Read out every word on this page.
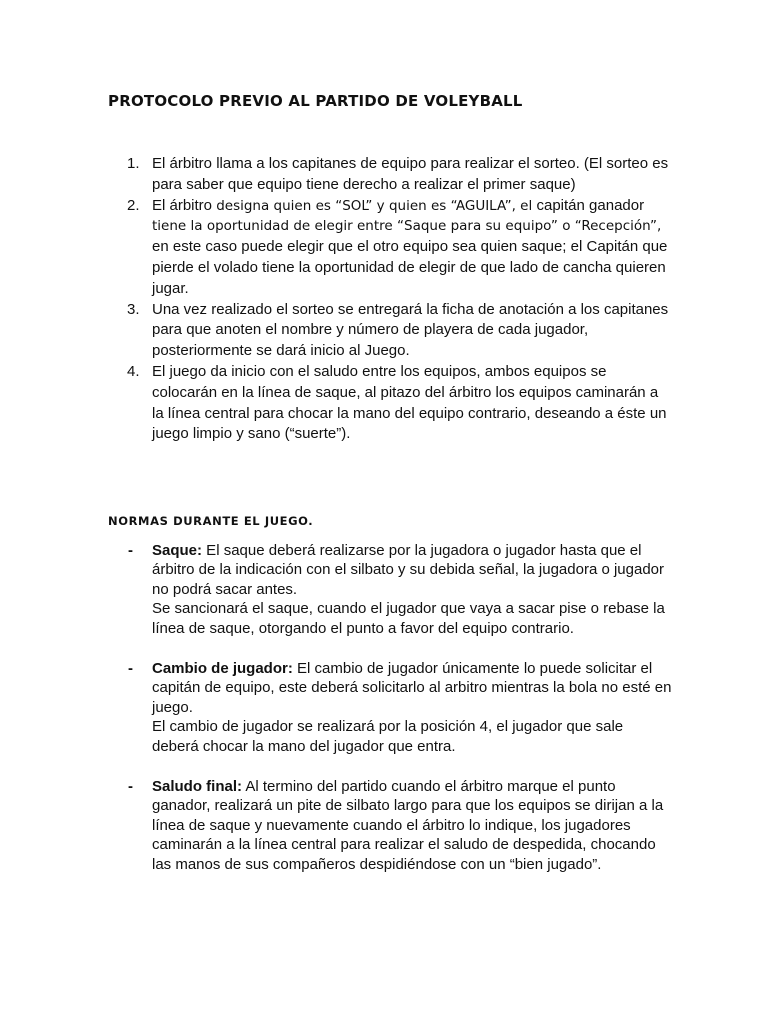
PROTOCOLO PREVIO AL PARTIDO DE VOLEYBALL
1. El árbitro llama a los capitanes de equipo para realizar el sorteo. (El sorteo es para saber que equipo tiene derecho a realizar el primer saque)
2. El árbitro designa quien es “SOL” y quien es “AGUILA”, el capitán ganador
tiene la oportunidad de elegir entre “Saque para su equipo” o “Recepción”,
en este caso puede elegir que el otro equipo sea quien saque; el Capitán que pierde el volado tiene la oportunidad de elegir de que lado de cancha quieren jugar.
3. Una vez realizado el sorteo se entregará la ficha de anotación a los capitanes para que anoten el nombre y número de playera de cada jugador, posteriormente se dará inicio al Juego.
4. El juego da inicio con el saludo entre los equipos, ambos equipos se colocarán en la línea de saque, al pitazo del árbitro los equipos caminarán a la línea central para chocar la mano del equipo contrario, deseando a éste un juego limpio y sano (“suerte”).
NORMAS DURANTE EL JUEGO.
- Saque: El saque deberá realizarse por la jugadora o jugador hasta que el árbitro de la indicación con el silbato y su debida señal, la jugadora o jugador no podrá sacar antes.
Se sancionará el saque, cuando el jugador que vaya a sacar pise o rebase la línea de saque, otorgando el punto a favor del equipo contrario.
- Cambio de jugador: El cambio de jugador únicamente lo puede solicitar el capitán de equipo, este deberá solicitarlo al arbitro mientras la bola no esté en juego.
El cambio de jugador se realizará por la posición 4, el jugador que sale deberá chocar la mano del jugador que entra.
- Saludo final: Al termino del partido cuando el árbitro marque el punto ganador, realizará un pite de silbato largo para que los equipos se dirijan a la línea de saque y nuevamente cuando el árbitro lo indique, los jugadores caminarán a la línea central para realizar el saludo de despedida, chocando las manos de sus compañeros despidiéndose con un “bien jugado”.
